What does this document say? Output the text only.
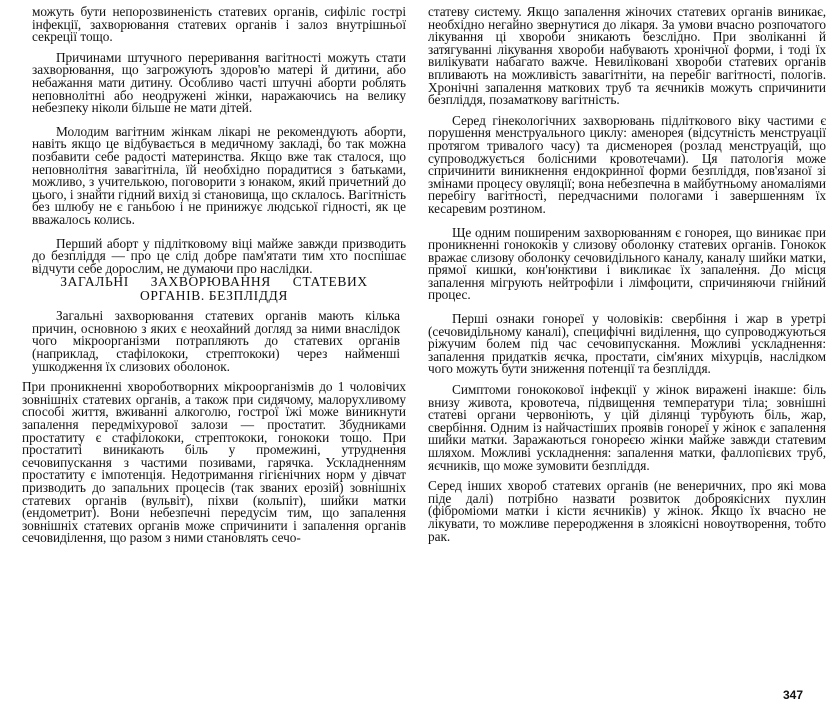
можуть бути непорозвиненість статевих органів, сифіліс гострі інфекції, захворювання статевих органів і залоз внутрішньої секреції тощо.

Причинами штучного переривання вагітності можуть стати захворювання, що загрожують здоров'ю матері й дитини, або небажання мати дитину. Особливо часті штучні аборти роблять неповнолітні або неодружені жінки, наражаючись на велику небезпеку ніколи більше не мати дітей.

Молодим вагітним жінкам лікарі не рекомендують аборти, навіть якщо це відбувається в медичному закладі, бо так можна позбавити себе радості материнства. Якщо вже так сталося, що неповнолітня завагітніла, їй необхідно порадитися з батьками, можливо, з учителькою, поговорити з юнаком, який причетний до цього, і знайти гідний вихід зі становища, що склалось. Вагітність без шлюбу не є ганьбою і не принижує людської гідності, як це вважалось колись.

Перший аборт у підлітковому віці майже завжди призводить до безпліддя — про це слід добре пам'ятати тим хто поспішає відчути себе дорослим, не думаючи про наслідки.

ЗАГАЛЬНІ ЗАХВОРЮВАННЯ СТАТЕВИХ
ОРГАНІВ. БЕЗПЛІДДЯ

Загальні захворювання статевих органів мають кілька причин, основною з яких є неохайний догляд за ними внаслідок чого мікроорганізми потрапляють до статевих органів (наприклад, стафілококи, стрептококи) через найменші ушкодження їх слизових оболонок.

При проникненні хвороботворних мікроорганізмів до 1 чоловічих зовнішніх статевих органів, а також при сидячому, малорухливому способі життя, вживанні алкоголю, гострої їжі може виникнути запалення передміхурової залози — простатит. Збудниками простатиту є стафілококи, стрептококи, гонококи тощо. При простатиті виникають біль у промежині, утруднення сечовипускання з частими позивами, гарячка. Ускладненням простатиту є імпотенція. Недотримання гігієнічних норм у дівчат призводить до запальних процесів (так званих ерозій) зовнішніх статевих органів (вульвіт), піхви (кольпіт), шийки матки (ендометрит). Вони небезпечні передусім тим, що запалення зовнішніх статевих органів може спричинити і запалення органів сечовиділення, що разом з ними становлять сечо-

статеву систему. Якщо запалення жіночих статевих органів виникає, необхідно негайно звернутися до лікаря. За умови вчасно розпочатого лікування ці хвороби зникають безслідно. При зволіканні й затягуванні лікування хвороби набувають хронічної форми, і тоді їх вилікувати набагато важче. Невиліковані хвороби статевих органів впливають на можливість завагітніти, на перебіг вагітності, пологів. Хронічні запалення маткових труб та яєчників можуть спричинити безпліддя, позаматкову вагітність.

Серед гінекологічних захворювань підліткового віку частими є порушення менструального циклу: аменорея (відсутність менструації протягом тривалого часу) та дисменорея (розлад менструацій, що супроводжується болісними кровотечами). Ця патологія може спричинити виникнення ендокринної форми безпліддя, пов'язаної зі змінами процесу овуляції; вона небезпечна в майбутньому аномаліями перебігу вагітності, передчасними пологами і завершенням їх кесаревим розтином.

Ще одним поширеним захворюванням є гонорея, що виникає при проникненні гонококів у слизову оболонку статевих органів. Гонокок вражає слизову оболонку сечовидільного каналу, каналу шийки матки, прямої кишки, кон'юнктиви і викликає їх запалення. До місця запалення мігрують нейтрофіли і лімфоцити, спричиняючи гнійний процес.

Перші ознаки гонореї у чоловіків: свербіння і жар в уретрі (сечовидільному каналі), специфічні виділення, що супроводжуються ріжучим болем під час сечовипускання. Можливі ускладнення: запалення придатків яєчка, простати, сім'яних міхурців, наслідком чого можуть бути зниження потенції та безпліддя.

Симптоми гонококової інфекції у жінок виражені інакше: біль внизу живота, кровотеча, підвищення температури тіла; зовнішні статеві органи червоніють, у цій ділянці турбують біль, жар, свербіння. Одним із найчастіших проявів гонореї у жінок є запалення шийки матки. Заражаються гонореєю жінки майже завжди статевим шляхом. Можливі ускладнення: запалення матки, фаллопієвих труб, яєчників, що може зумовити безпліддя.

Серед інших хвороб статевих органів (не венеричних, про які мова піде далі) потрібно назвати розвиток доброякісних пухлин (фіброміоми матки і кісти яєчників) у жінок. Якщо їх вчасно не лікувати, то можливе переродження в злоякісні новоутворення, тобто рак.

347
